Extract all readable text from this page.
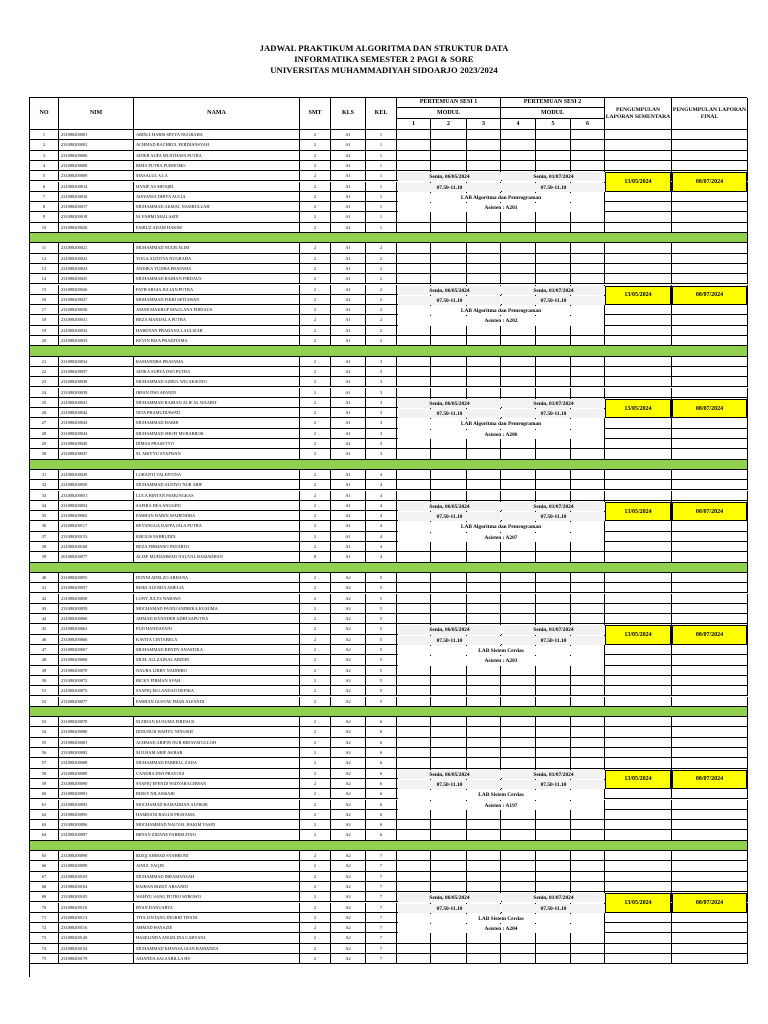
JADWAL PRAKTIKUM ALGORITMA DAN STRUKTUR DATA
INFORMATIKA SEMESTER 2 PAGI & SORE
UNIVERSITAS MUHAMMADIYAH SIDOARJO 2023/2024
NO	NIM	NAMA	SMT	KLS	KEL
PERTEMUAN SESI 1	PERTEMUAN SESI 2
MODUL	MODUL
1	2	3	4	5	6
PENGUMPULAN LAPORAN SEMENTARA
PENGUMPULAN LAPORAN FINAL
1	231080200001	ABDUL HARIS SETYA NUGRAHA	2	A1	1
2	231080200002	ACHMAD RACHRUL FERDIANSYAH	2	A1	1
3	231080200006	ADIEB AUFA MUSTHAFA PUTRA	2	A1	1
4	231080200008	BIMA PUTRA PURNOMO	2	A1	1
5	231080200009	MASALUL A LA	2	A1	1
6	231080200014	HANIF AS SHOQRI	2	A1	1
7	231080200016	AISYANIA DHIYA AULIA	2	A1	1
8	231080200017	MUHAMMAD AKMAL NASIRULLAH	2	A1	1
9	231080200018	M. FAHMI MAILASDI	2	A1	1
10	231080200020	FAIRUZ ADAM HAKIM	2	A1	1
Senin, 06/05/2024	Senin, 01/07/2024
07.50-11.10	07.50-11.10
LAB Algoritma dan Pemrograman
Asisten : A201
13/05/2024	08/07/2024
11	231080200021	MUHAMMAD NUUR ALIM	2	A1	2
12	231080200022	YOGA ALDITYA NUGRAHA	2	A1	2
13	231080200023	ANDIKA YUDHA PRATAMA	2	A1	2
14	231080200025	MUHAMMAD RAIHAN FIRDAUS	2	A1	2
15	231080200026	FATH ARGIA JULIAN PUTRA	2	A1	2
16	231080200027	MOHAMMAD FIKRI SETIAWAN	2	A1	2
17	231080200030	AMAR MAKRUF MAULANA FIRDAUS	2	A1	2
18	231080200031	REZA MANDALA PUTRA	2	A1	2
19	231080200032	HARDYAN PRADANA LAULIZAR	2	A1	2
20	231080200033	KEVIN BIZA PRADITAMA	2	A1	2
Senin, 06/05/2024	Senin, 01/07/2024
07.50-11.10	07.50-11.10
LAB Algoritma dan Pemrograman
Asisten : A202
13/05/2024	08/07/2024
21	231080200034	RAMANDHA PRATAMA	2	A1	3
22	231080200037	ADIKA SURYA DWI PUTRA	2	A1	3
23	231080200038	MUHAMMAD AZRUL WICAKSONO	2	A1	3
24	231080200039	IRFAN DWI AFANDI	2	A1	3
25	231080200041	MUHAMMAD RAIHAN ALIF AL WAARIT	2	A1	3
26	231080200042	NITA PRAMUDIAWATI	2	A1	3
27	231080200043	MUHAMMAD HABIB	2	A1	3
28	231080200044	MUHAMMAD SHOFI MUBARROK	2	A1	3
29	231080200045	DIMAS PRASETYO	2	A1	3
30	231080200047	M. ABIYYU SYAFWAN	2	A1	3
Senin, 06/05/2024	Senin, 01/07/2024
07.50-11.10	07.50-11.10
LAB Algoritma dan Pemrograman
Asisten : A206
13/05/2024	08/07/2024
31	231080200049	LORANTI VALENTINA	2	A1	4
32	231080200050	MUHAMMAD ALDIYO NUR ARIF	2	A1	4
33	231080200051	LUCA BINTAN PAMUNGKAS	2	A1	4
34	231080200052	SAFIRA DEA ANGGINI	2	A1	4
35	231080200065	FARHAN DARIN MAHENDRA	2	A1	4
36	231080200117	REVANGGA DAFFA JALA PUTRA	2	A1	4
37	231080200153	KHOLIS FAHRUDIN	2	A1	4
38	231080200168	REZA FIRMANO INDARTO	2	A1	4
39	201080200077	ALIEF MUHAMMAD NAUVAL RAMADHAN	8	A1	4
Senin, 06/05/2024	Senin, 01/07/2024
07.50-11.10	07.50-11.10
LAB Algoritma dan Pemrograman
Asisten : A207
13/05/2024	08/07/2024
40	231080200055	DONNI ADELZO ARDANA	2	A2	5
41	231080200057	RISKI ALENDA AMELIA	2	A2	5
42	231080200058	LONY JULYS NARAWI	2	A2	5
43	231080200059	MOCHAMAD FANNI ANDRIKA KUSUMA	2	A2	5
44	231080200060	AHMAD ISVANDER ADHI SAPUTRA	2	A2	5
45	231080200063	PUJI HANDAYANI	2	A2	5
46	231080200066	KAVITA CINTABELA	2	A2	5
47	231080200067	MUHAMMAD RENDY ANASTIKA	2	A2	5
48	231080200068	MUH. ALLZAINAL ABIDIN	2	A2	5
49	231080200070	NAURA LIBBY NADHIRO	2	A2	5
50	231080200072	RICKY FIRMAN SYAH	2	A2	5
51	231080200075	SYAFIQ EKLANDAJI DEFIKA	2	A2	5
52	231080200077	FARHAN GUSTAV IMAN ALFANDI	2	A2	5
Senin, 06/05/2024	Senin, 01/07/2024
07.50-11.10	07.50-11.10
LAB Sistem Cerdas
Asisten : A203
13/05/2024	08/07/2024
53	231080200078	M ZIDAN KUSUMA FIRDAUS	2	A2	6
54	231080200080	DINUNUR WAHYU NINGSIH	2	A2	6
55	231080200081	ACHMAD ARIFIN NUR HIDAYATULLOH	2	A2	6
56	231080200082	M ILHAM ARIF AKBAR	2	A2	6
57	231080200088	MUHAMMAD FARRELL ZADA	2	A2	6
58	231080200089	CANDRA DWI PRAYOGI	2	A2	6
59	231080200090	SYAFIQ EFENDI WIDYARACHMAN	2	A2	6
60	231080200091	RIZKY NILAMSARI	2	A2	6
61	231080200093	MOCHAMAD RAMADHAN ALFIKRI	2	A2	6
62	231080200095	HAMDANI BAGUS PRATAMA	2	A2	6
63	231080200096	MOCHAMMAD NAUVAL HAKIM YASIN	2	A2	6
64	231080200097	BRYAN ZIDANE FARRELTINO	2	A2	6
Senin, 06/05/2024	Senin, 01/07/2024
07.50-11.10	07.50-11.10
LAB Sistem Cerdas
Asisten : A197
13/05/2024	08/07/2024
65	231080200098	RIZQI AHMAD SYAHRONI	2	A2	7
66	231080200099	AINUL YAQIN	2	A2	7
67	231080200103	MUHAMMAD IBRAMANSAH	2	A2	7
68	231080200104	RAIHAN RIZKY ARSANDI	2	A2	7
69	231080200105	WAHYU SANG PUTRO WIBOWO	2	A2	7
70	231080200110	RYAN DANUARTA	2	A2	7
71	231080200113	TITA LINTANG INGRID TIFANI	2	A2	7
72	231080200116	AHMAD HAYAZIE	2	A2	7
73	231080200140	HASELINDA ANGELINA CAHYANI	2	A2	7
74	231080200154	MUHAMMAD KHANSA GIAN RAMANDA	2	A2	7
75	231080200179	AMANDA SALSABILLA HS	2	A2	7
Senin, 06/05/2024	Senin, 01/07/2024
07.50-11.10	07.50-11.10
LAB Sistem Cerdas
Asisten : A204
13/05/2024	08/07/2024
